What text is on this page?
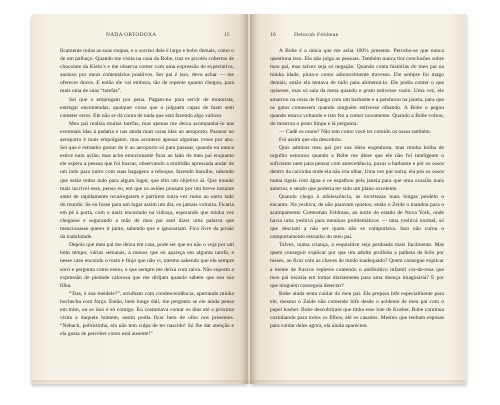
NADA ORTODOXA	15

ficamente todas as suas roupas, e o sorriso dele é largo e bobo demais, como o de um palhaço. Quando me visita na casa da Bobe, traz os picolés cobertos de chocolate da Klein’s e me observa comer com uma expressão de expectativa, ansioso por meus comentários positivos. Ser pai é isso, devo achar — me oferecer doces. E então ele vai embora, tão de repente quanto chegou, para mais uma de suas “tarefas”.

Sei que o empregam por pena. Pagam-no para servir de motorista, entregar encomendas, qualquer coisa que o julguem capaz de fazer sem cometer erros. Ele não se dá conta de nada que está fazendo algo valioso.

Meu pai realiza muitas tarefas, mas apenas me deixa acompanhá-lo nas eventuais idas à padaria e nas ainda mais raras idas ao aeroporto. Passear no aeroporto é mais empolgante, mas acontece apenas algumas vezes por ano. Sei que é estranho gostar de ir ao aeroporto só para passear, quando eu nunca estive num avião, mas acho emocionante ficar ao lado do meu pai enquanto ele espera a pessoa que foi buscar, observando a multidão apressada andar de um lado para outro com suas bagagens a reboque, fazendo barulho, sabendo que estão todos indo para algum lugar, que têm um objetivo aí. Que mundo mais incrível esse, penso eu, em que os aviões pousam por um breve instante antes de rapidamente recarregarem e partirem outra vez rumo ao outro lado do mundo. Se eu fosse para um lugar assim um dia, eu jamais voltaria. Ficaria em pé à porta, com o nariz encostado na vidraça, esperando que minha vez chegasse e segurando a mão de meu pai sem dizer uma palavra que mencionasse querer ir junto, sabendo que o ignorariam. Fico livre da prisão da inabilidade.

Depois que meu pai me deixa em casa, pode ser que eu não o veja por um bom tempo; várias semanas, a menos que eu apareça em alguma tarefa, e nesse caso encondo o rosto e finjo que não vi, mesmo sabendo que ele sempre sorri e pergunta como estou, o que sempre me deixa com raiva. Não suporto a expressão de piedade calorosa que me dirijam quando sabem que sou sua filha.

“Tsss, é sua meidele?”, arrulham com condescendência, apertando minha bochecha com força. Então, bem longe dali, me pergunto se ele ainda pensa em mim, ou se isso é só comigo. Eu costumava contar os dias até a próxima visita a daquele homem, assim podia ficar bem de olho nos presentes. “Nebach, pobrezinha, ela não tem culpa de ter nascido! Só lhe dar atenção e ela gosta de perceber como está ausente!”

16	Deborah Feldman

A Bobe é a única que me acha 100% presente. Percebo-se que nunca questiona isso. Ela não julga as pessoas. Também nunca tira conclusões sobre meu pai, mas talvez seja só negação. Quando conta histórias do meu pai na minha idade, pinta-o como adoravelmente travesso. Ele sempre foi mago demais, então ela tentava de tudo para alimentá-lo. Ele podia comer o que quisesse, mas só saía da mesa quando o prato estivesse vazio. Uma vez, ele amarrou na cesta de frango com um barbante e a pendurou na janela, para que os gatos comessem quando ninguém estivesse olhando. A Bobe o pegou quando estava voltando e isto fez a comer novamente. Quando a Bobe voltou, do mostrou o prato limpo e lá pergunta:

— Cadê os ossos? Não tem como você ter comido os ossos também.

Foi assim que ela descobriu.

Quis admirar meu pai por sua ideia engenhosa, mas minha bolha de orgulho estourou quando a Bobe me disse que ele não foi inteligente o suficiente nem para pensar com antecedência, puxar o barbante e pôr os ossos dentro da caixinha onde ela não iria olhar. Uma vez por outra, ela pôs os ossos numa tigela com água e os espalhou pela janela para que uma ocasião mais anterior, e sendo que poderia ter sido um plano excelente.

Quando chego à adolescência, as incertezas mais longas perdem o encanto. Na yeshiva, de não paravam quietos; então o Zeide o mandou para o acampamento Gottesman Feldman, ao norte do estado de Nova York, onde havia uma yeshivá para meninos problemáticos — uma yeshivá normal, só que desciam a não ser quem não se comportava. Isso não curou o comportamento estranho do meu pai.

Talvez, numa criança, a esquisitice seja perdoada mais facilmente. Mas quem conseguir explicar por que um adulto proíbida a palheta de bolo por meses, ao ficar com as chaves de modo inadequado? Quem consegue explicar a mente de frascos repletos contendo o antibiótico infantil cor-de-rosa que meu pai insistia em tomar diariamente para uma doença imaginária? E por que ninguém conseguia detectar?

Bobe ainda tenta cuidar do meu pai. Ela prepara bife especialmente para ele, mesmo o Zeide não comendo bife desde o acidente de meu pai com o papel kosher. Bobe descobriram que tinha esse lote de Kosher. Bobe continua cozinhando para todos os filhos, até os casados. Mesmo que tenham esposas para cuidar deles agora, ela ainda aparecem.
